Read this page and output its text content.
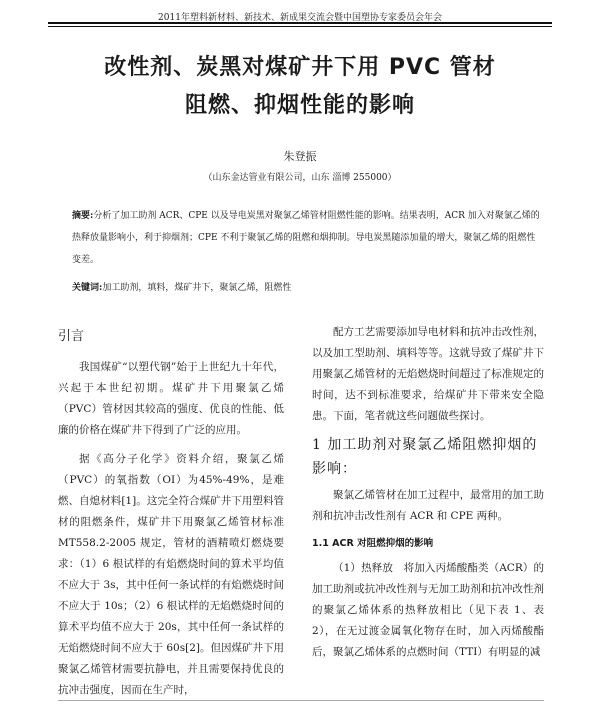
2011年塑料新材料、新技术、新成果交流会暨中国塑协专家委员会年会
改性剂、炭黑对煤矿井下用 PVC 管材
阻燃、抑烟性能的影响
朱登振
（山东金达管业有限公司，山东 淄博 255000）
摘要:分析了加工助剂 ACR、CPE 以及导电炭黑对聚氯乙烯管材阻燃性能的影响。结果表明，ACR 加入对聚氯乙烯的热释放量影响小，利于抑烟剂；CPE 不利于聚氯乙烯的阻燃和烟抑制。导电炭黑随添加量的增大，聚氯乙烯的阻燃性变差。
关键词:加工助剂，填料，煤矿井下，聚氯乙烯，阻燃性
引言

我国煤矿“以塑代钢”始于上世纪九十年代，兴起于本世纪初期。煤矿井下用聚氯乙烯（PVC）管材因其较高的强度、优良的性能、低廉的价格在煤矿井下得到了广泛的应用。

据《高分子化学》资料介绍，聚氯乙烯（PVC）的氧指数（OI）为45%-49%，是难燃、自熄材料[1]。这完全符合煤矿井下用塑料管材的阻燃条件，煤矿井下用聚氯乙烯管材标准 MT558.2-2005 规定，管材的酒精喷灯燃烧要求：（1）6 根试样的有焰燃烧时间的算术平均值不应大于 3s，其中任何一条试样的有焰燃烧时间不应大于 10s；（2）6 根试样的无焰燃烧时间的算术平均值不应大于 20s，其中任何一条试样的无焰燃烧时间不应大于 60s[2]。但因煤矿井下用聚氯乙烯管材需要抗静电，并且需要保持优良的抗冲击强度，因而在生产时，

配方工艺需要添加导电材料和抗冲击改性剂，以及加工型助剂、填料等等。这就导致了煤矿井下用聚氯乙烯管材的无焰燃烧时间超过了标准规定的时间，达不到标准要求，给煤矿井下带来安全隐患。下面，笔者就这些问题做些探讨。

1 加工助剂对聚氯乙烯阻燃抑烟的影响：

聚氯乙烯管材在加工过程中，最常用的加工助剂和抗冲击改性剂有 ACR 和 CPE 两种。

1.1 ACR 对阻燃抑烟的影响

（1）热释放　将加入丙烯酸酯类（ACR）的加工助剂或抗冲改性剂与无加工助剂和抗冲改性剂的聚氯乙烯体系的热释放相比（见下表 1、表 2），在无过渡金属氧化物存在时，加入丙烯酸酯后，聚氯乙烯体系的点燃时间（TTI）有明显的减
